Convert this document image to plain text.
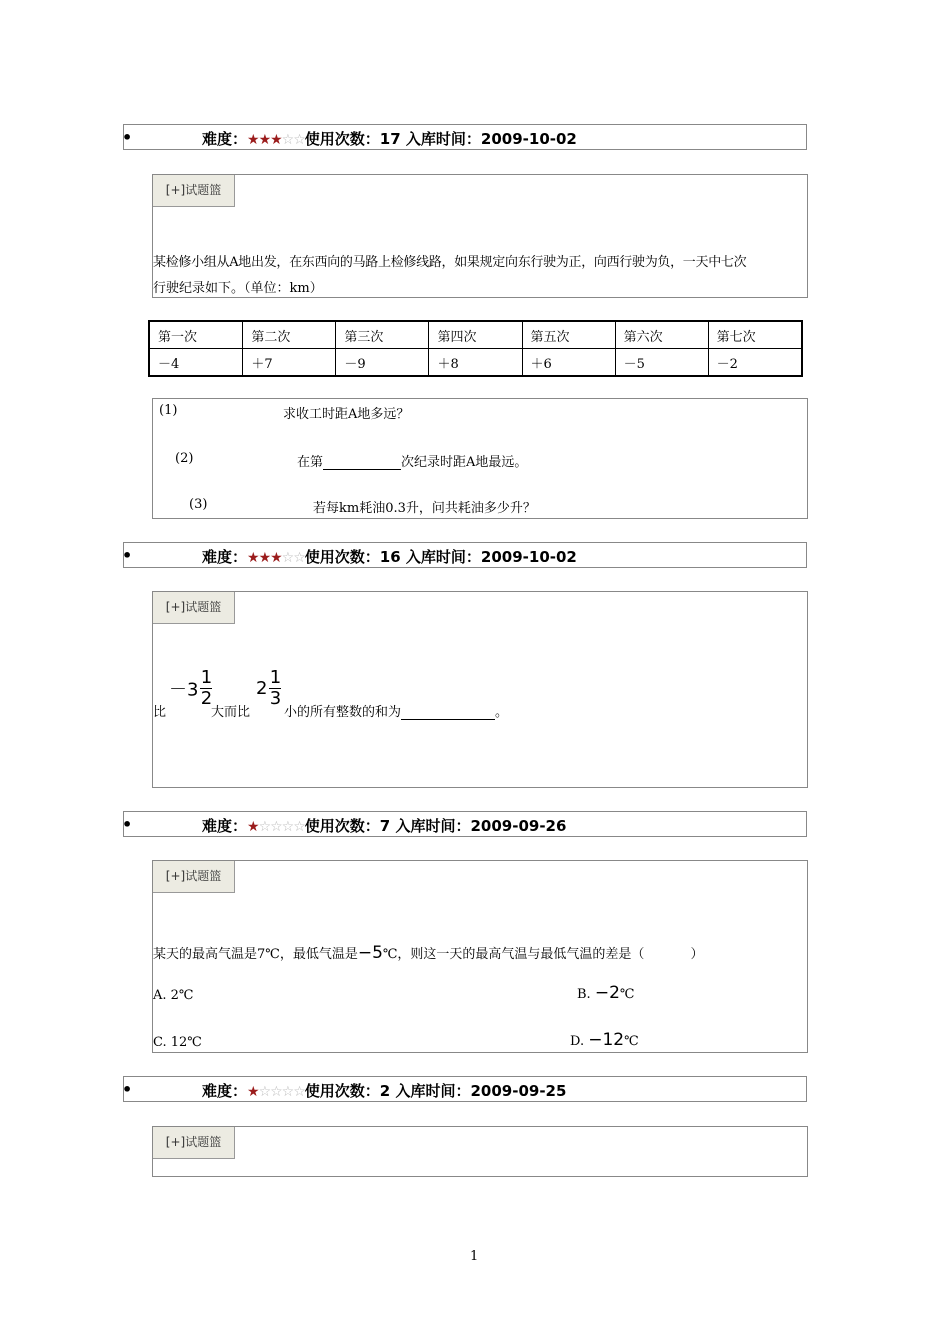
•	难度：★★★☆☆使用次数：17 入库时间：2009-10-02
[+]试题篮
某检修小组从A地出发，在东西向的马路上检修线路，如果规定向东行驶为正，向西行驶为负，一天中七次
行驶纪录如下。（单位：km）
第一次	第二次	第三次	第四次	第五次	第六次	第七次
－4	＋7	－9	＋8	＋6	－5	－2
(1)	求收工时距A地多远？
(2)	在第	次纪录时距A地最远。
(3)	若每km耗油0.3升，问共耗油多少升？
•	难度：★★★☆☆使用次数：16 入库时间：2009-10-02
[+]试题篮
比
$-3 \frac{1}{2}$
大而比
$2 \frac{1}{3}$
小的所有整数的和为	。
•	难度：★☆☆☆☆使用次数：7 入库时间：2009-09-26
[+]试题篮
某天的最高气温是7℃，最低气温是−5℃，则这一天的最高气温与最低气温的差是（	）
A. 2℃	B. −2℃
C. 12℃	D. −12℃
•	难度：★☆☆☆☆使用次数：2 入库时间：2009-09-25
[+]试题篮
1
